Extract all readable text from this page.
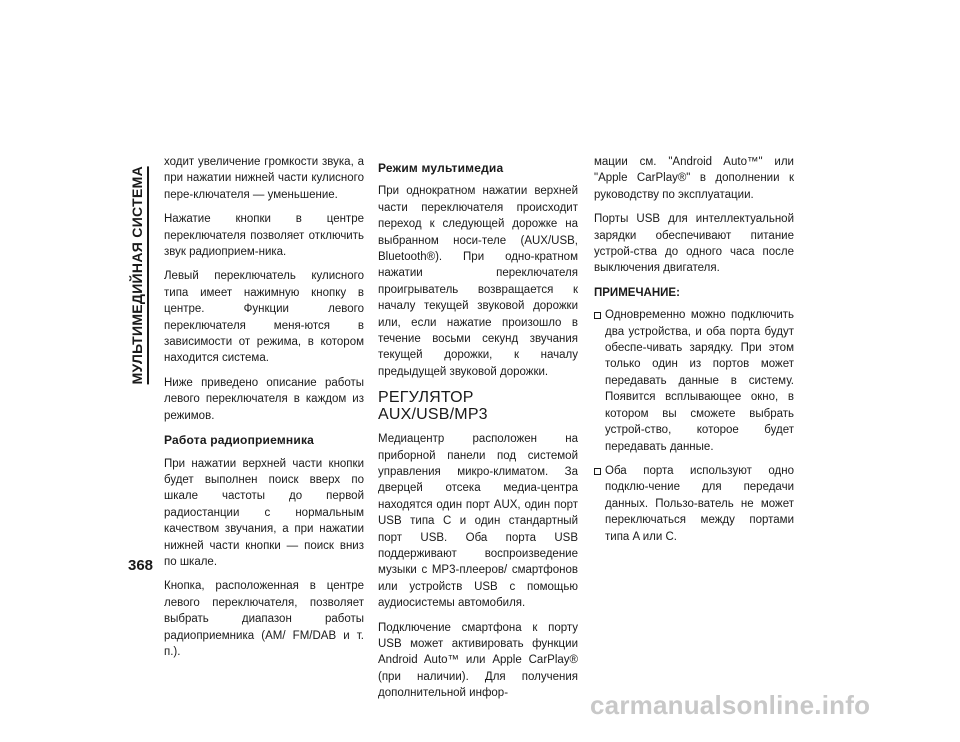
МУЛЬТИМЕДИЙНАЯ СИСТЕМА
368

ходит увеличение громкости звука, а при нажатии нижней части кулисного пере-ключателя — уменьшение.

Нажатие кнопки в центре переключателя позволяет отключить звук радиоприем-ника.

Левый переключатель кулисного типа имеет нажимную кнопку в центре. Функции левого переключателя меня-ются в зависимости от режима, в котором находится система.

Ниже приведено описание работы левого переключателя в каждом из режимов.

Работа радиоприемника

При нажатии верхней части кнопки будет выполнен поиск вверх по шкале частоты до первой радиостанции с нормальным качеством звучания, а при нажатии нижней части кнопки — поиск вниз по шкале.

Кнопка, расположенная в центре левого переключателя, позволяет выбрать диапазон работы радиоприемника (AM/ FM/DAB и т. п.).

Режим мультимедиа

При однократном нажатии верхней части переключателя происходит переход к следующей дорожке на выбранном носи-теле (AUX/USB, Bluetooth®). При одно-кратном нажатии переключателя проигрыватель возвращается к началу текущей звуковой дорожки или, если нажатие произошло в течение восьми секунд звучания текущей дорожки, к началу предыдущей звуковой дорожки.

РЕГУЛЯТОР AUX/USB/MP3

Медиацентр расположен на приборной панели под системой управления микро-климатом. За дверцей отсека медиа-центра находятся один порт AUX, один порт USB типа C и один стандартный порт USB. Оба порта USB поддерживают воспроизведение музыки с MP3-плееров/ смартфонов или устройств USB с помощью аудиосистемы автомобиля.

Подключение смартфона к порту USB может активировать функции Android Auto™ или Apple CarPlay® (при наличии). Для получения дополнительной инфор-

мации см. "Android Auto™" или "Apple CarPlay®" в дополнении к руководству по эксплуатации.

Порты USB для интеллектуальной зарядки обеспечивают питание устрой-ства до одного часа после выключения двигателя.

ПРИМЕЧАНИЕ:
Одновременно можно подключить два устройства, и оба порта будут обеспе-чивать зарядку. При этом только один из портов может передавать данные в систему. Появится всплывающее окно, в котором вы сможете выбрать устрой-ство, которое будет передавать данные.
Оба порта используют одно подклю-чение для передачи данных. Пользо-ватель не может переключаться между портами типа A или C.
carmanualsonline.info
